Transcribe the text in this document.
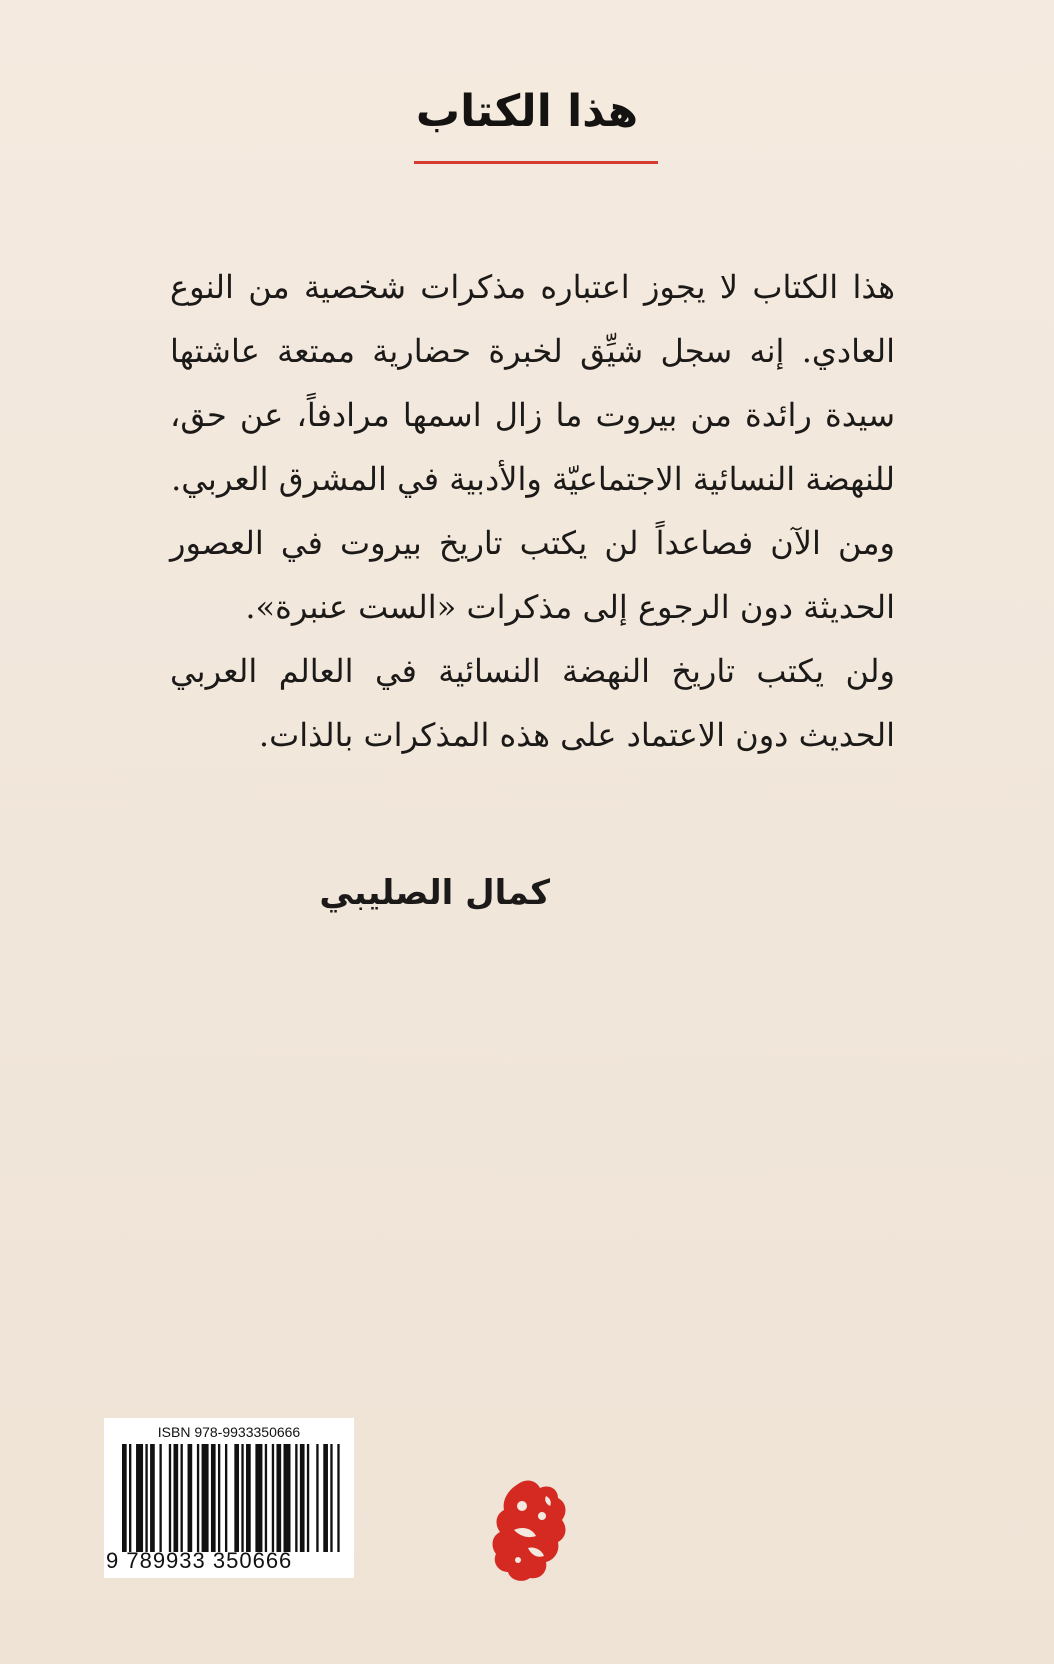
هذا الكتاب

هذا الكتاب لا يجوز اعتباره مذكرات شخصية من النوع العادي. إنه سجل شيِّق لخبرة حضارية ممتعة عاشتها سيدة رائدة من بيروت ما زال اسمها مرادفاً، عن حق، للنهضة النسائية الاجتماعيّة والأدبية في المشرق العربي.

ومن الآن فصاعداً لن يكتب تاريخ بيروت في العصور الحديثة دون الرجوع إلى مذكرات «الست عنبرة».

ولن يكتب تاريخ النهضة النسائية في العالم العربي الحديث دون الاعتماد على هذه المذكرات بالذات.

كمال الصليبي
ISBN 978-9933350666
9 789933 350666
